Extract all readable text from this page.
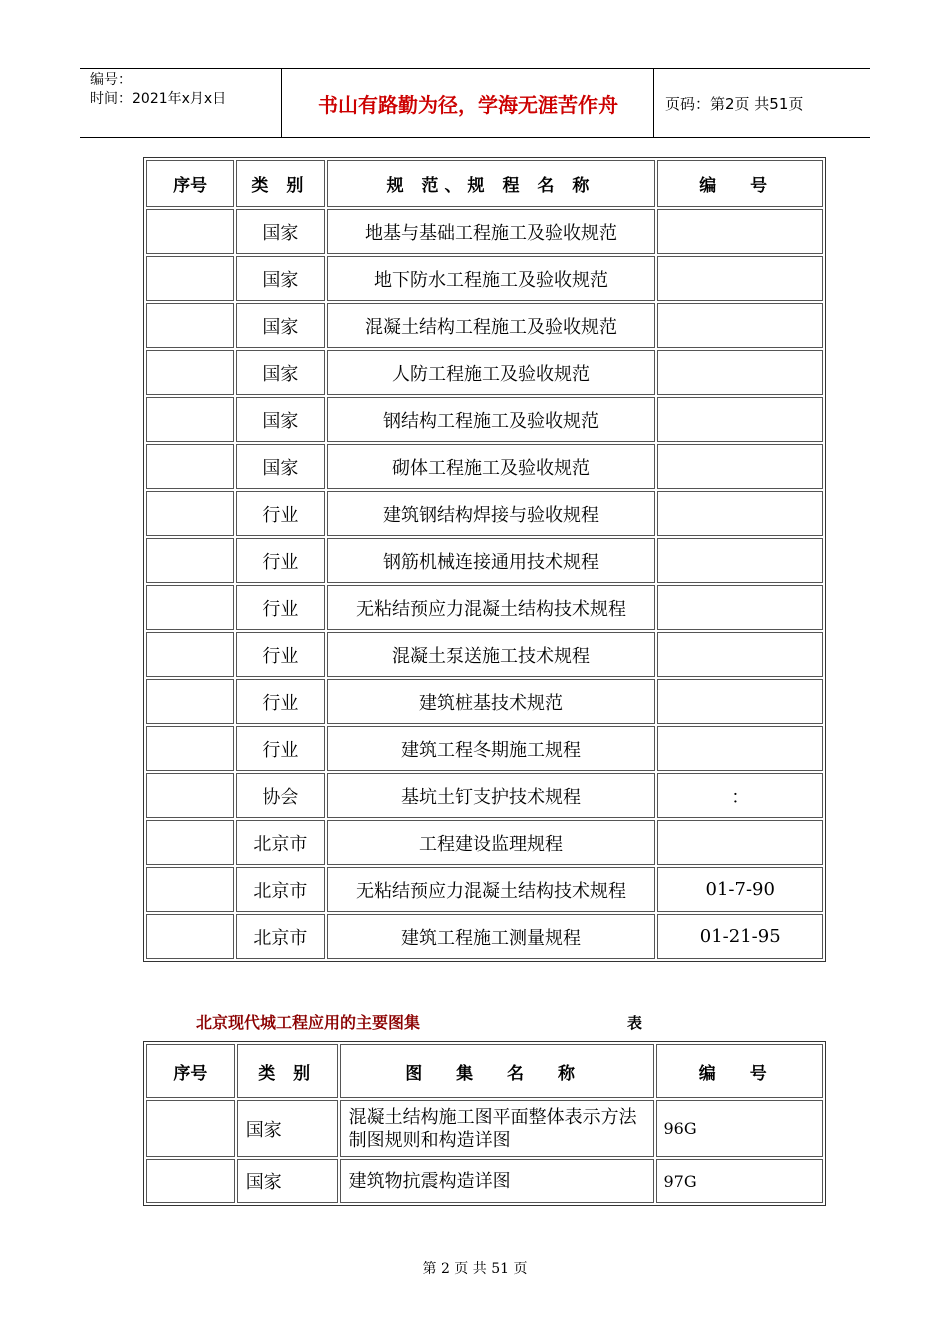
编号：
时间：2021年x月x日	书山有路勤为径，学海无涯苦作舟	页码：第2页 共51页
序号	类 别	规 范、规 程 名 称	编 号
	国家	地基与基础工程施工及验收规范	
	国家	地下防水工程施工及验收规范	
	国家	混凝土结构工程施工及验收规范	
	国家	人防工程施工及验收规范	
	国家	钢结构工程施工及验收规范	
	国家	砌体工程施工及验收规范	
	行业	建筑钢结构焊接与验收规程	
	行业	钢筋机械连接通用技术规程	
	行业	无粘结预应力混凝土结构技术规程	
	行业	混凝土泵送施工技术规程	
	行业	建筑桩基技术规范	
	行业	建筑工程冬期施工规程	
	协会	基坑土钉支护技术规程	：
	北京市	工程建设监理规程	
	北京市	无粘结预应力混凝土结构技术规程	01-7-90
	北京市	建筑工程施工测量规程	01-21-95
北京现代城工程应用的主要图集	表
序号	类 别	图 集 名 称	编 号
	国家	混凝土结构施工图平面整体表示方法制图规则和构造详图	96G
	国家	建筑物抗震构造详图	97G
第 2 页 共 51 页
